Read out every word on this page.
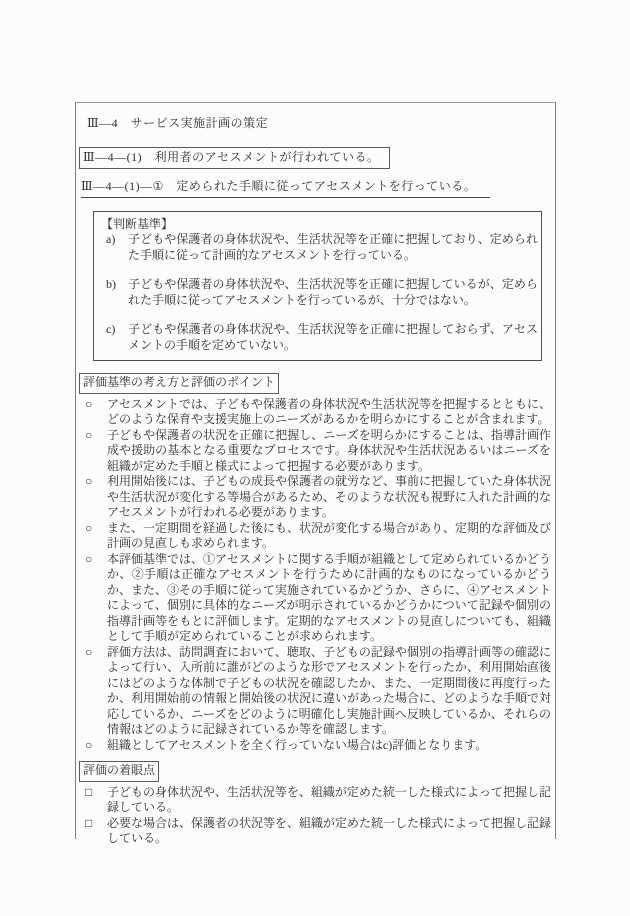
Ⅲ―4　サービス実施計画の策定
Ⅲ―4―(1)　利用者のアセスメントが行われている。
Ⅲ―4―(1)―①　定められた手順に従ってアセスメントを行っている。
【判断基準】
a) 子どもや保護者の身体状況や、生活状況等を正確に把握しており、定められた手順に従って計画的なアセスメントを行っている。
b) 子どもや保護者の身体状況や、生活状況等を正確に把握しているが、定められた手順に従ってアセスメントを行っているが、十分ではない。
c) 子どもや保護者の身体状況や、生活状況等を正確に把握しておらず、アセスメントの手順を定めていない。
評価基準の考え方と評価のポイント
○ アセスメントでは、子どもや保護者の身体状況や生活状況等を把握するとともに、どのような保育や支援実施上のニーズがあるかを明らかにすることが含まれます。
○ 子どもや保護者の状況を正確に把握し、ニーズを明らかにすることは、指導計画作成や援助の基本となる重要なプロセスです。身体状況や生活状況あるいはニーズを組織が定めた手順と様式によって把握する必要があります。
○ 利用開始後には、子どもの成長や保護者の就労など、事前に把握していた身体状況や生活状況が変化する等場合があるため、そのような状況も視野に入れた計画的なアセスメントが行われる必要があります。
○ また、一定期間を経過した後にも、状況が変化する場合があり、定期的な評価及び計画の見直しも求められます。
○ 本評価基準では、①アセスメントに関する手順が組織として定められているかどうか、②手順は正確なアセスメントを行うために計画的なものになっているかどうか、また、③その手順に従って実施されているかどうか、さらに、④アセスメントによって、個別に具体的なニーズが明示されているかどうかについて記録や個別の指導計画等をもとに評価します。定期的なアセスメントの見直しについても、組織として手順が定められていることが求められます。
○ 評価方法は、訪問調査において、聴取、子どもの記録や個別の指導計画等の確認によって行い、入所前に誰がどのような形でアセスメントを行ったか、利用開始直後にはどのような体制で子どもの状況を確認したか、また、一定期間後に再度行ったか、利用開始前の情報と開始後の状況に違いがあった場合に、どのような手順で対応しているか、ニーズをどのように明確化し実施計画へ反映しているか、それらの情報はどのように記録されているか等を確認します。
○ 組織としてアセスメントを全く行っていない場合はc)評価となります。
評価の着眼点
□ 子どもの身体状況や、生活状況等を、組織が定めた統一した様式によって把握し記録している。
□ 必要な場合は、保護者の状況等を、組織が定めた統一した様式によって把握し記録している。
